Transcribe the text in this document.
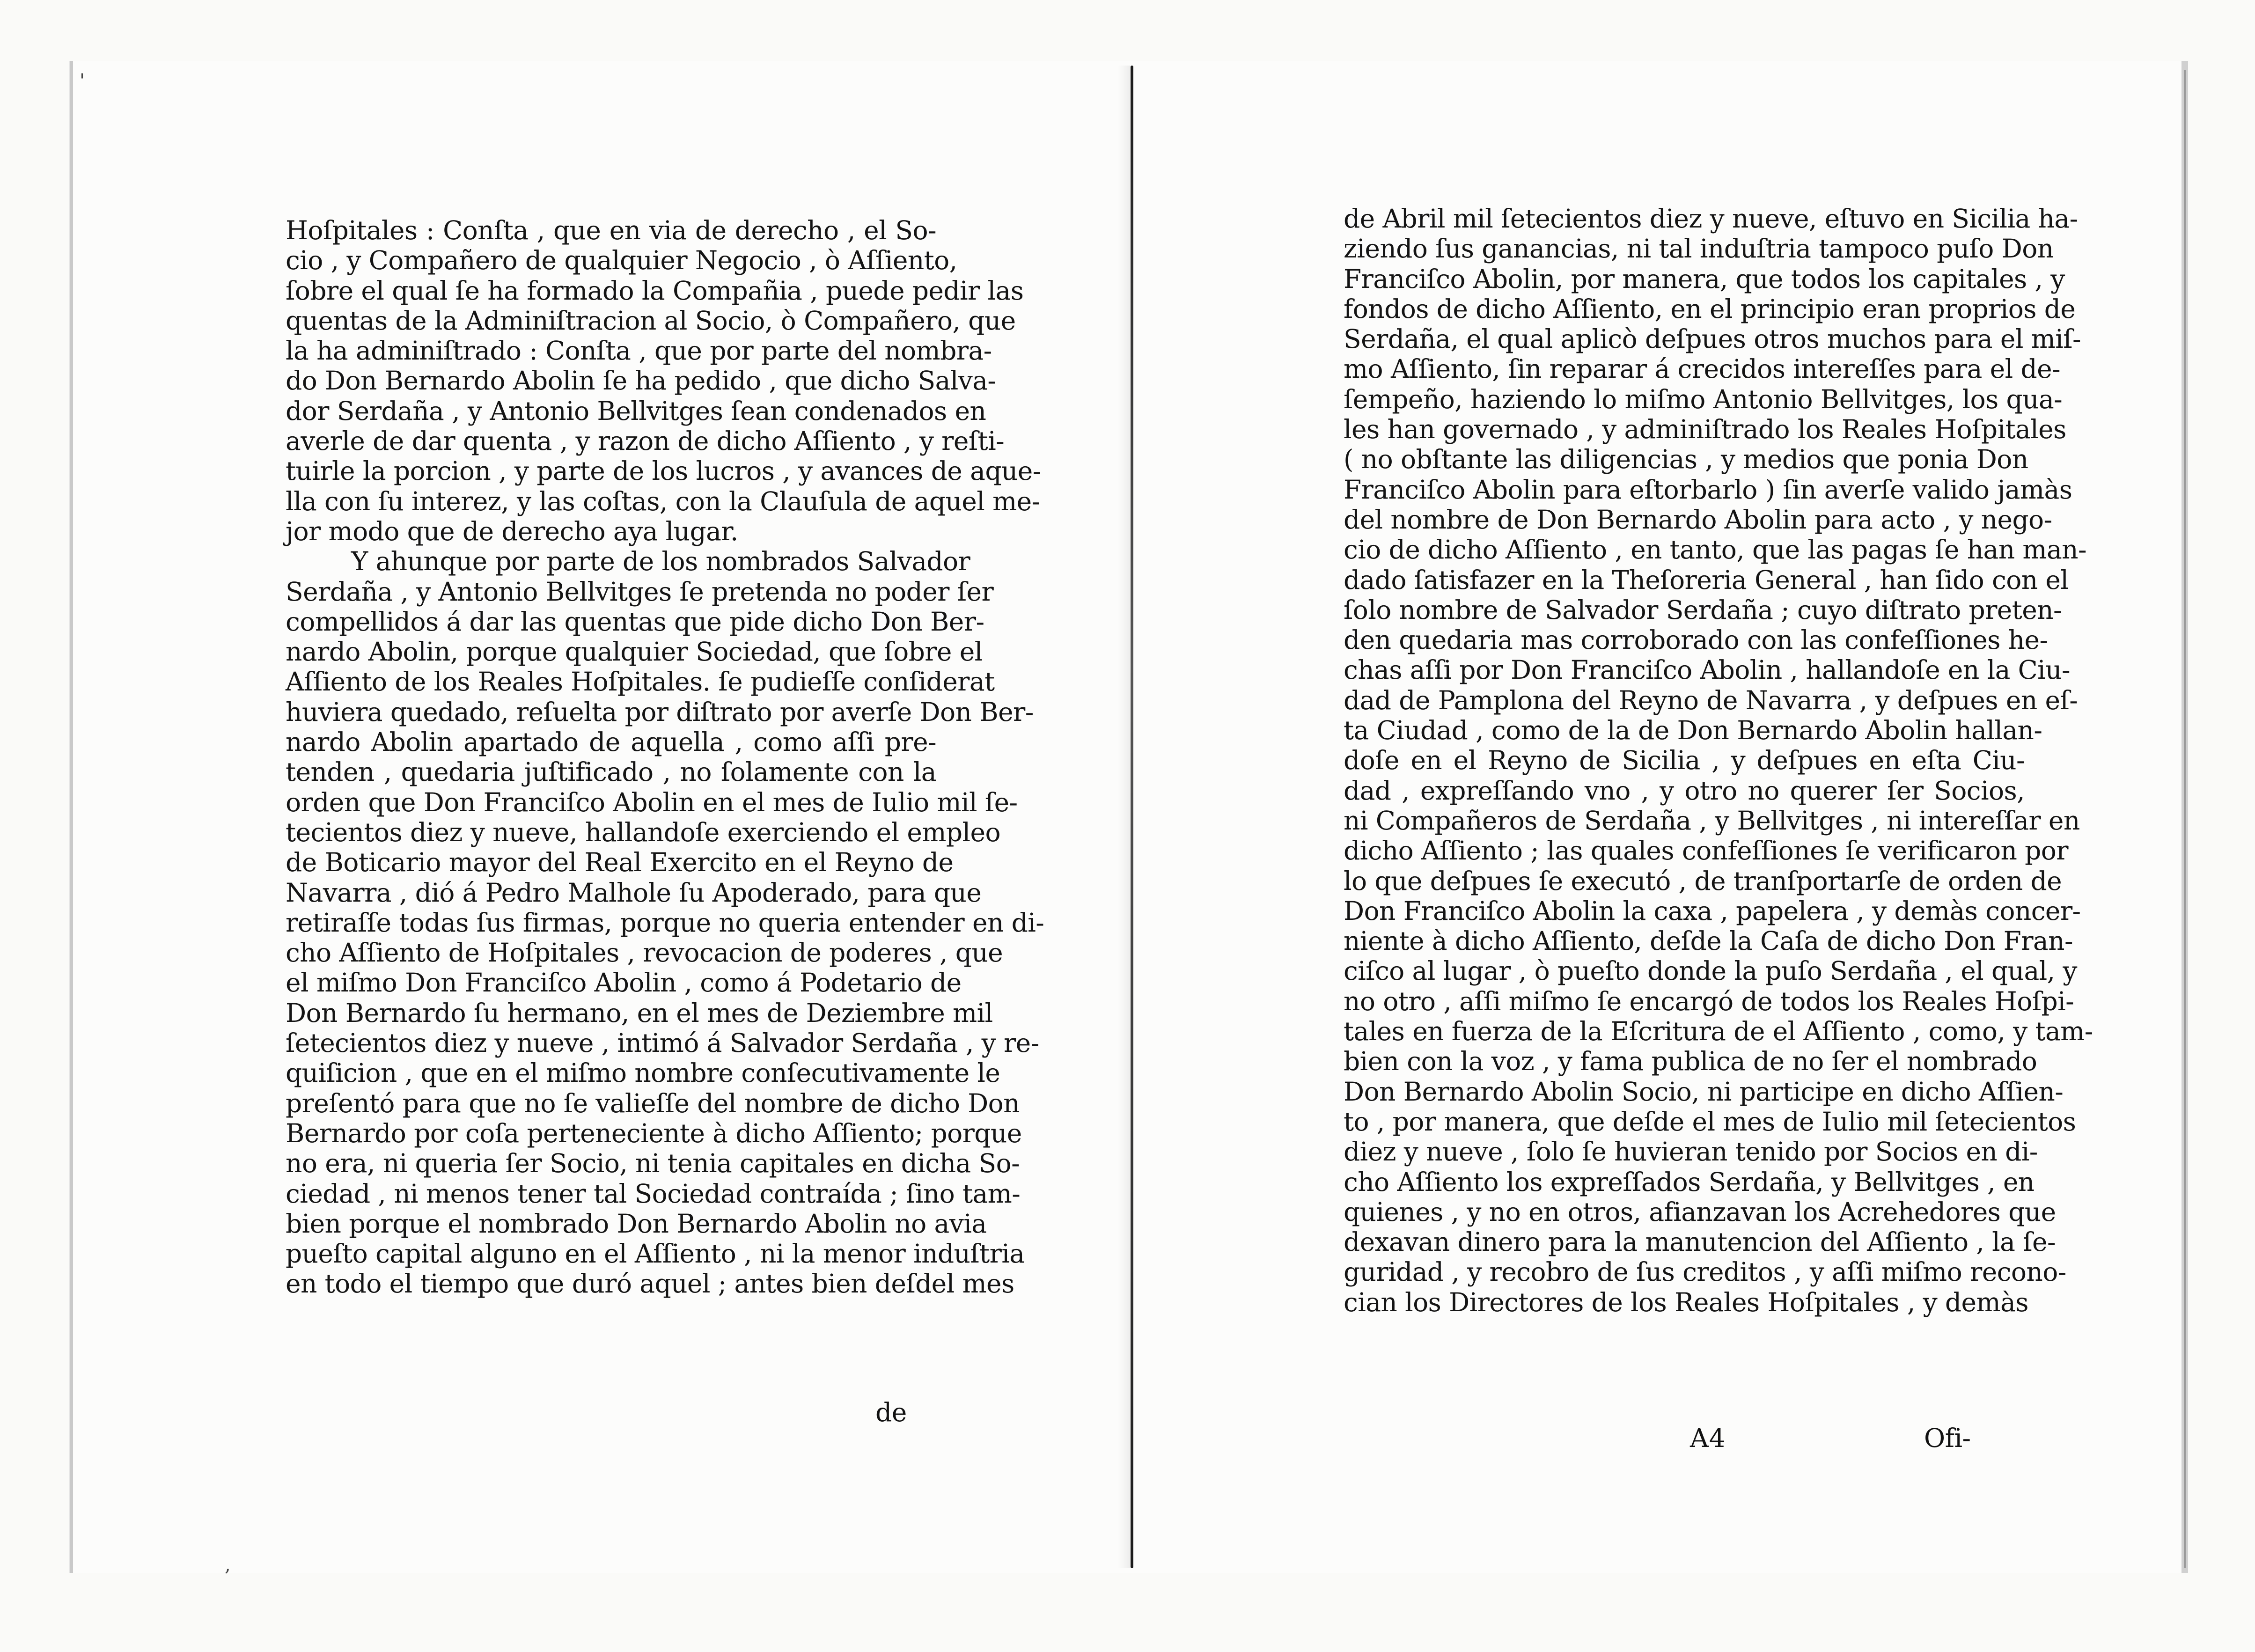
'
,
Hoſpitales : Conſta , que en via de derecho , el So-
cio , y Compañero de qualquier Negocio , ò Aſſiento,
ſobre el qual ſe ha formado la Compañia , puede pedir las
quentas de la Adminiſtracion al Socio, ò Compañero, que
la ha adminiſtrado : Conſta , que por parte del nombra-
do Don Bernardo Abolin ſe ha pedido , que dicho Salva-
dor Serdaña , y Antonio Bellvitges ſean condenados en
averle de dar quenta , y razon de dicho Aſſiento , y reſti-
tuirle la porcion , y parte de los lucros , y avances de aque-
lla con ſu interez, y las coſtas, con la Clauſula de aquel me-
jor modo que de derecho aya lugar.
Y ahunque por parte de los nombrados Salvador
Serdaña , y Antonio Bellvitges ſe pretenda no poder ſer
compellidos á dar las quentas que pide dicho Don Ber-
nardo Abolin, porque qualquier Sociedad, que ſobre el
Aſſiento de los Reales Hoſpitales. ſe pudieſſe conſiderat
huviera quedado, reſuelta por diſtrato por averſe Don Ber-
nardo Abolin apartado de aquella , como aſſi pre-
tenden , quedaria juſtificado , no ſolamente con la
orden que Don Franciſco Abolin en el mes de Iulio mil ſe-
tecientos diez y nueve, hallandoſe exerciendo el empleo
de Boticario mayor del Real Exercito en el Reyno de
Navarra , dió á Pedro Malhole ſu Apoderado, para que
retiraſſe todas ſus firmas, porque no queria entender en di-
cho Aſſiento de Hoſpitales , revocacion de poderes , que
el miſmo Don Franciſco Abolin , como á Podetario de
Don Bernardo ſu hermano, en el mes de Deziembre mil
ſetecientos diez y nueve , intimó á Salvador Serdaña , y re-
quiſicion , que en el miſmo nombre conſecutivamente le
preſentó para que no ſe valieſſe del nombre de dicho Don
Bernardo por coſa perteneciente à dicho Aſſiento; porque
no era, ni queria ſer Socio, ni tenia capitales en dicha So-
ciedad , ni menos tener tal Sociedad contraída ; ſino tam-
bien porque el nombrado Don Bernardo Abolin no avia
pueſto capital alguno en el Aſſiento , ni la menor induſtria
en todo el tiempo que duró aquel ; antes bien deſdel mes
de
de Abril mil ſetecientos diez y nueve, eſtuvo en Sicilia ha-
ziendo ſus ganancias, ni tal induſtria tampoco puſo Don
Franciſco Abolin, por manera, que todos los capitales , y
fondos de dicho Aſſiento, en el principio eran proprios de
Serdaña, el qual aplicò deſpues otros muchos para el miſ-
mo Aſſiento, ſin reparar á crecidos intereſſes para el de-
ſempeño, haziendo lo miſmo Antonio Bellvitges, los qua-
les han governado , y adminiſtrado los Reales Hoſpitales
( no obſtante las diligencias , y medios que ponia Don
Franciſco Abolin para eſtorbarlo ) ſin averſe valido jamàs
del nombre de Don Bernardo Abolin para acto , y nego-
cio de dicho Aſſiento , en tanto, que las pagas ſe han man-
dado ſatisfazer en la Theſoreria General , han ſido con el
ſolo nombre de Salvador Serdaña ; cuyo diſtrato preten-
den quedaria mas corroborado con las confeſſiones he-
chas aſſi por Don Franciſco Abolin , hallandoſe en la Ciu-
dad de Pamplona del Reyno de Navarra , y deſpues en eſ-
ta Ciudad , como de la de Don Bernardo Abolin hallan-
doſe en el Reyno de Sicilia , y deſpues en eſta Ciu-
dad , expreſſando vno , y otro no querer ſer Socios,
ni Compañeros de Serdaña , y Bellvitges , ni intereſſar en
dicho Aſſiento ; las quales confeſſiones ſe verificaron por
lo que deſpues ſe executó , de tranſportarſe de orden de
Don Franciſco Abolin la caxa , papelera , y demàs concer-
niente à dicho Aſſiento, deſde la Caſa de dicho Don Fran-
ciſco al lugar , ò pueſto donde la puſo Serdaña , el qual, y
no otro , aſſi miſmo ſe encargó de todos los Reales Hoſpi-
tales en fuerza de la Eſcritura de el Aſſiento , como, y tam-
bien con la voz , y fama publica de no ſer el nombrado
Don Bernardo Abolin Socio, ni participe en dicho Aſſien-
to , por manera, que deſde el mes de Iulio mil ſetecientos
diez y nueve , ſolo ſe huvieran tenido por Socios en di-
cho Aſſiento los expreſſados Serdaña, y Bellvitges , en
quienes , y no en otros, afianzavan los Acrehedores que
dexavan dinero para la manutencion del Aſſiento , la ſe-
guridad , y recobro de ſus creditos , y aſſi miſmo recono-
cian los Directores de los Reales Hoſpitales , y demàs
A4	Ofi-
